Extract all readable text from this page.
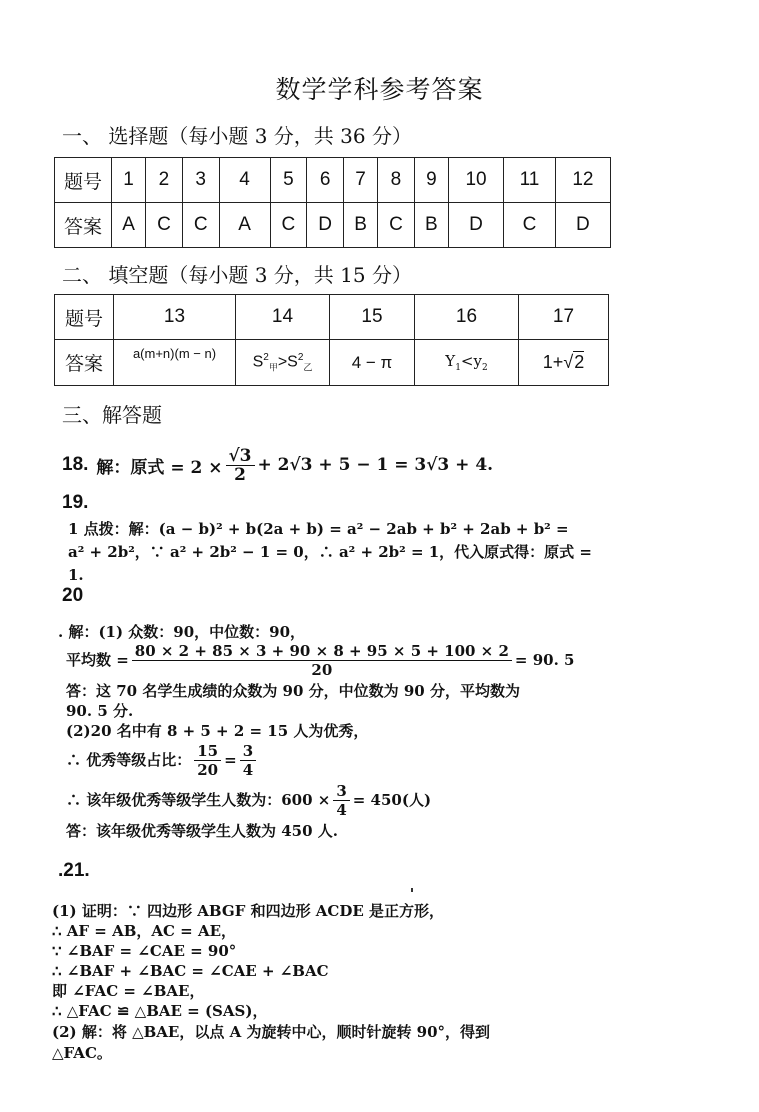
数学学科参考答案
一、 选择题（每小题 3 分，共 36 分）
题号	1	2	3	4	5	6	7	8	9	10	11	12
答案	A	C	C	A	C	D	B	C	B	D	C	D
二、 填空题（每小题 3 分，共 15 分）
题号	13	14	15	16	17
答案	a(m+n)(m − n)	$S^2_甲>S^2_乙$	4 − π	$Y_1<y_2$	1+√2
三、解答题
18. 解：原式 = $2 \times \frac{√3}{2} + 2√3 + 5 - 1 = 3√3 + 4$.
19.
1 点拨：解：(a − b)² + b(2a + b) = a² − 2ab + b² + 2ab + b² =
a² + 2b²，∵ a² + 2b² − 1 = 0，∴ a² + 2b² = 1，代入原式得：原式 =
1.
20
. 解：(1) 众数：90，中位数：90，
平均数 = $\frac{80 \times 2 + 85 \times 3 + 90 \times 8 + 95 \times 5 + 100 \times 2}{20} = 90$. 5
答：这 70 名学生成绩的众数为 90 分，中位数为 90 分，平均数为
90. 5 分.
(2)20 名中有 8 + 5 + 2 = 15 人为优秀，
∴ 优秀等级占比： $\frac{15}{20} = \frac{3}{4}$
∴ 该年级优秀等级学生人数为：$600 \times \frac{3}{4} = 450$(人)
答：该年级优秀等级学生人数为 450 人.
.21.
(1) 证明：∵ 四边形 ABGF 和四边形 ACDE 是正方形，
∴ AF = AB，AC = AE，
∵ ∠BAF = ∠CAE = 90°
∴ ∠BAF + ∠BAC = ∠CAE + ∠BAC
即 ∠FAC = ∠BAE，
∴ △FAC ≌ △BAE = (SAS)，
(2) 解：将 △BAE，以点 A 为旋转中心，顺时针旋转 90°，得到
△FAC。
